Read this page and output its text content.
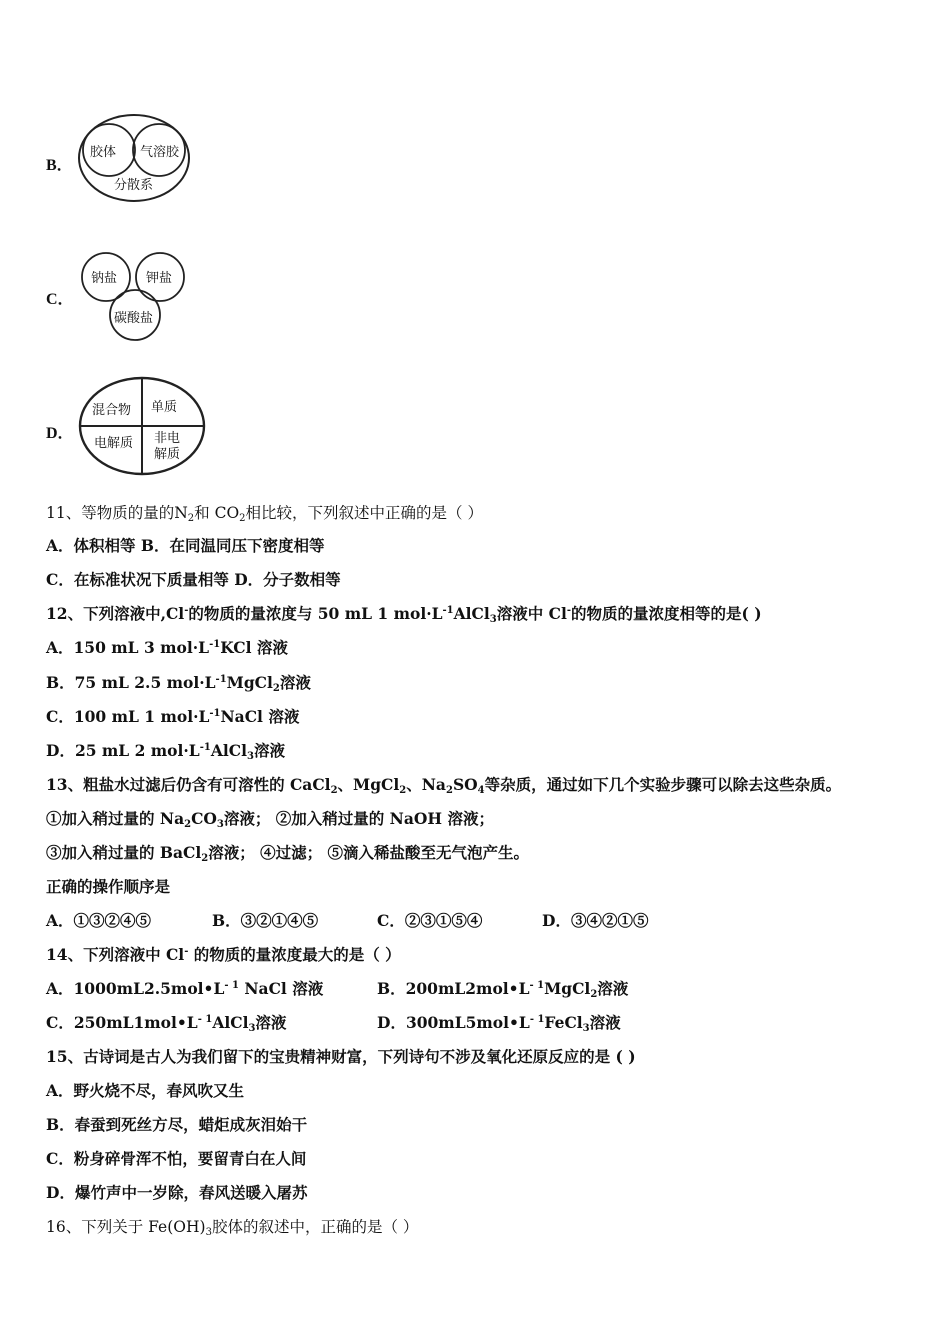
B．
胶体 气溶胶
分散系
C．
钠盐 钾盐
碳酸盐
D．
混合物 单质
电解质 非电
解质
11、等物质的量的$N_2$和 $CO_2$相比较，下列叙述中正确的是（ ）
A．体积相等 B．在同温同压下密度相等
C．在标准状况下质量相等 D．分子数相等
12、下列溶液中,Cl-的物质的量浓度与 50 mL 1 $mol\cdot L^{-1}AlCl_3$溶液中 Cl-的物质的量浓度相等的是( )
A．150 mL 3 $mol\cdot L^{-1}KCl$ 溶液
B．75 mL 2.5 $mol\cdot L^{-1}MgCl_2$溶液
C．100 mL 1 $mol\cdot L^{-1}NaCl$ 溶液
D．25 mL 2 $mol\cdot L^{-1}AlCl_3$溶液
13、粗盐水过滤后仍含有可溶性的 CaCl$_2$、MgCl$_2$、$Na_2SO_4$等杂质，通过如下几个实验步骤可以除去这些杂质。
①加入稍过量的 $Na_2CO_3$溶液； ②加入稍过量的 NaOH 溶液；
③加入稍过量的 BaCl$_2$溶液； ④过滤； ⑤滴入稀盐酸至无气泡产生。
正确的操作顺序是
A．①③②④⑤	B．③②①④⑤	C．②③①⑤④	D．③④②①⑤
14、下列溶液中 Cl- 的物质的量浓度最大的是（ ）
A．$1000mL2.5mol•L^{- 1}$ NaCl 溶液	B．$200mL2mol•L^{- 1}MgCl_2$溶液
C．$250mL1mol•L^{- 1}AlCl_3$溶液	D．$300mL5mol•L^{- 1}FeCl_3$溶液
15、古诗词是古人为我们留下的宝贵精神财富，下列诗句不涉及氧化还原反应的是 ( )
A．野火烧不尽，春风吹又生
B．春蚕到死丝方尽，蜡炬成灰泪始干
C．粉身碎骨浑不怕，要留青白在人间
D．爆竹声中一岁除，春风送暖入屠苏
16、下列关于 $Fe(OH)_3$胶体的叙述中，正确的是（ ）
